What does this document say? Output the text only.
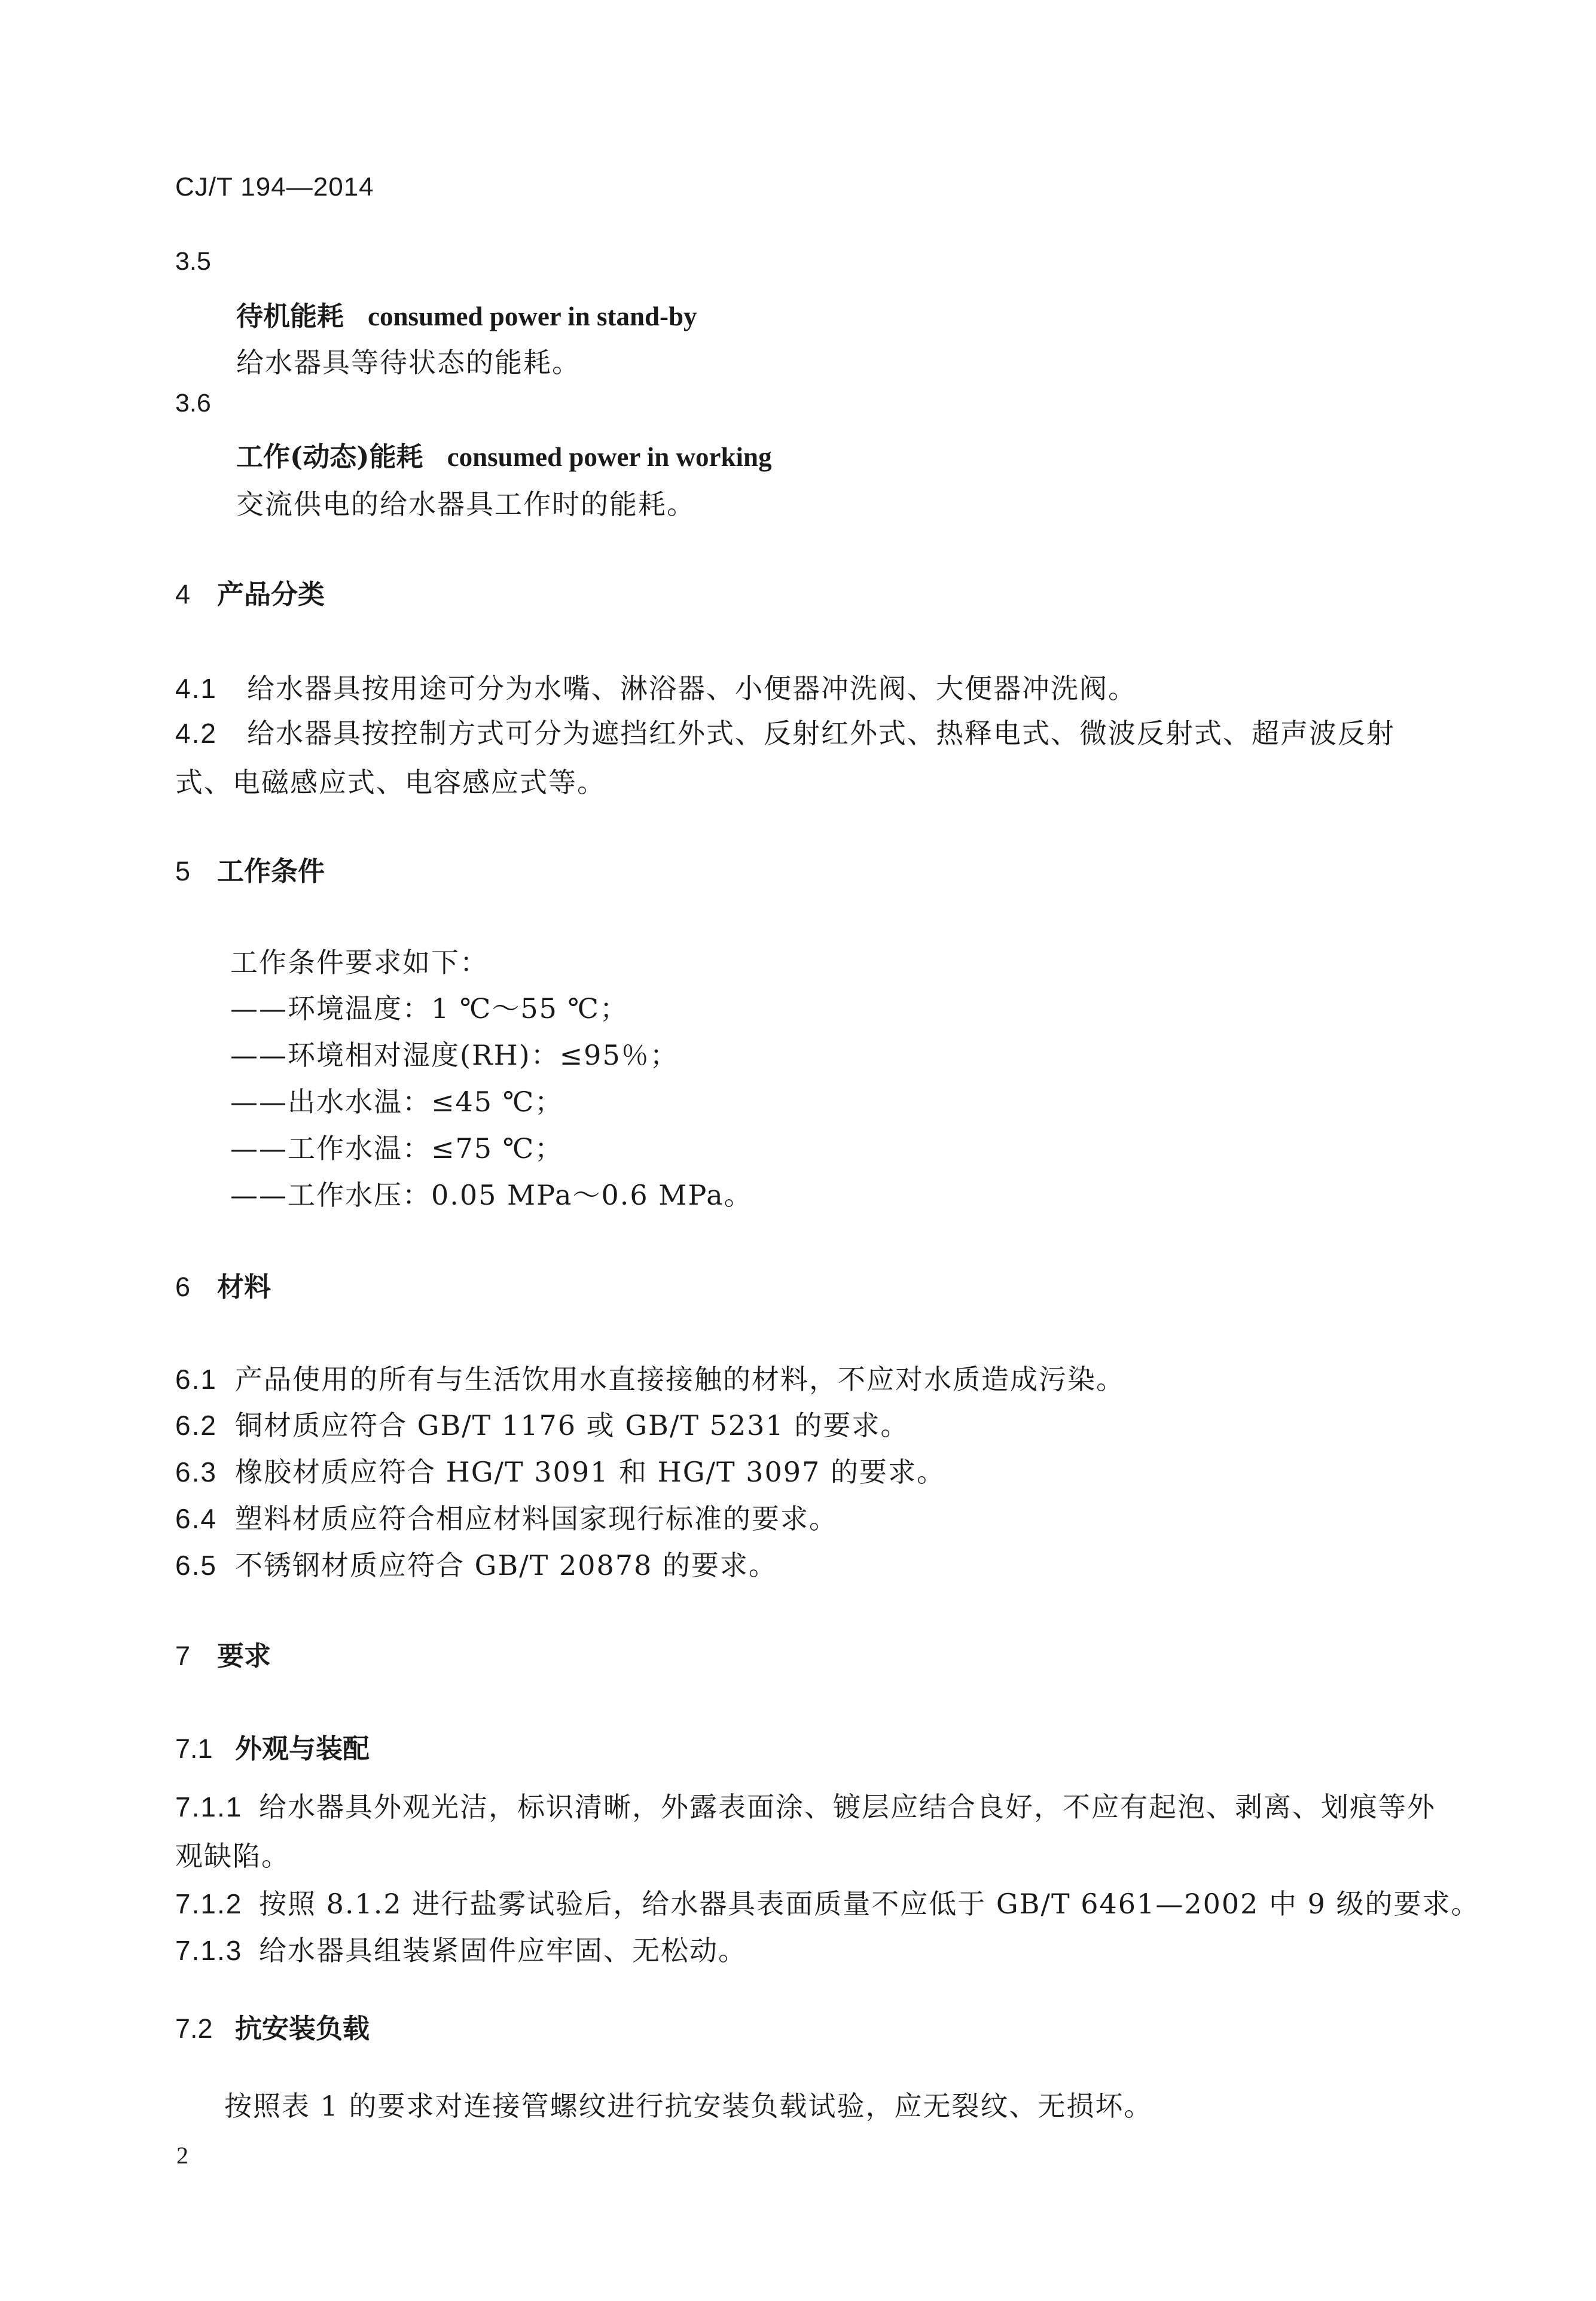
CJ/T 194—2014
3.5
待机能耗 consumed power in stand-by
给水器具等待状态的能耗。
3.6
工作(动态)能耗 consumed power in working
交流供电的给水器具工作时的能耗。
4 产品分类
4.1 给水器具按用途可分为水嘴、淋浴器、小便器冲洗阀、大便器冲洗阀。
4.2 给水器具按控制方式可分为遮挡红外式、反射红外式、热释电式、微波反射式、超声波反射式、电磁感应式、电容感应式等。
5 工作条件
工作条件要求如下：
——环境温度：1 ℃～55 ℃；
——环境相对湿度(RH)：≤95％；
——出水水温：≤45 ℃；
——工作水温：≤75 ℃；
——工作水压：0.05 MPa～0.6 MPa。
6 材料
6.1 产品使用的所有与生活饮用水直接接触的材料，不应对水质造成污染。
6.2 铜材质应符合 GB/T 1176 或 GB/T 5231 的要求。
6.3 橡胶材质应符合 HG/T 3091 和 HG/T 3097 的要求。
6.4 塑料材质应符合相应材料国家现行标准的要求。
6.5 不锈钢材质应符合 GB/T 20878 的要求。
7 要求
7.1 外观与装配
7.1.1 给水器具外观光洁，标识清晰，外露表面涂、镀层应结合良好，不应有起泡、剥离、划痕等外观缺陷。
7.1.2 按照 8.1.2 进行盐雾试验后，给水器具表面质量不应低于 GB/T 6461—2002 中 9 级的要求。
7.1.3 给水器具组装紧固件应牢固、无松动。
7.2 抗安装负载
按照表 1 的要求对连接管螺纹进行抗安装负载试验，应无裂纹、无损坏。
2
